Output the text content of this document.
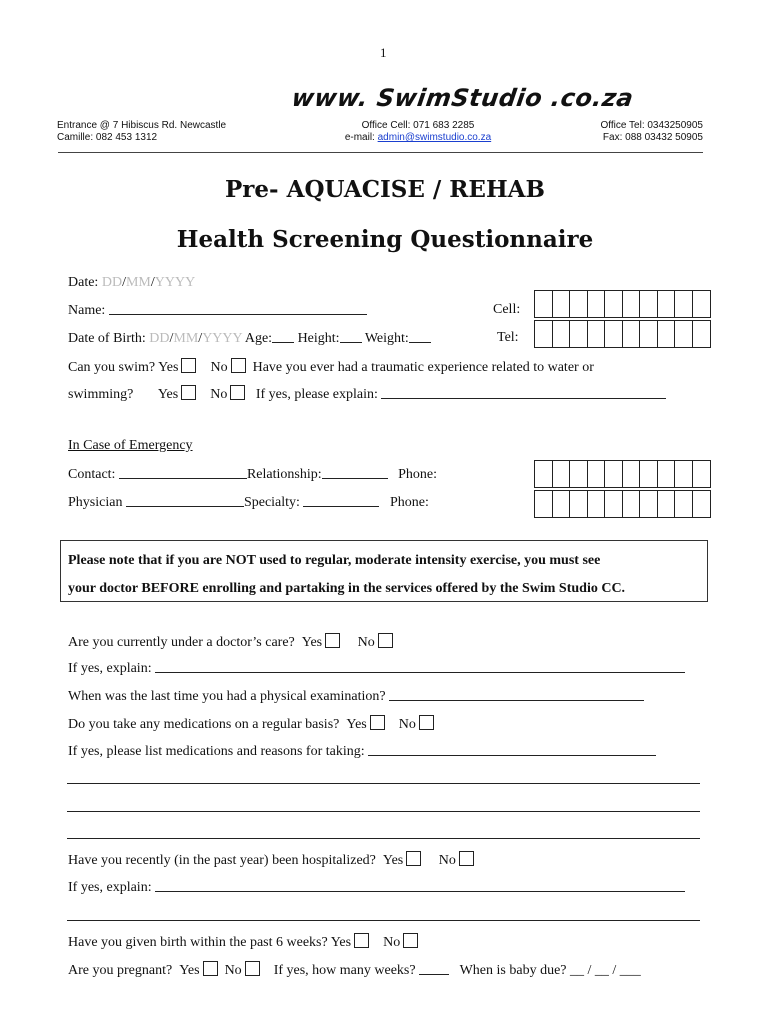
1
www. SwimStudio .co.za
Entrance @ 7 Hibiscus Rd. Newcastle
Camille: 082 453 1312
Office Cell: 071 683 2285
e-mail: admin@swimstudio.co.za
Office Tel: 0343250905
Fax: 088 03432 50905
Pre- AQUACISE / REHAB
Health Screening Questionnaire
Date: DD/MM/YYYY
Name:	Cell:
Date of Birth: DD/MM/YYYY Age: Height: Weight:	Tel:
Can you swim? Yes No Have you ever had a traumatic experience related to water or
swimming? Yes No If yes, please explain:
In Case of Emergency
Contact:	Relationship:	Phone:
Physician	Specialty:	Phone:
Please note that if you are NOT used to regular, moderate intensity exercise, you must see
your doctor BEFORE enrolling and partaking in the services offered by the Swim Studio CC.
Are you currently under a doctor’s care? Yes	No
If yes, explain:
When was the last time you had a physical examination?
Do you take any medications on a regular basis? Yes No
If yes, please list medications and reasons for taking:
Have you recently (in the past year) been hospitalized? Yes	No
If yes, explain:
Have you given birth within the past 6 weeks? Yes No
Are you pregnant? Yes No If yes, how many weeks?	When is baby due? __ / __ / ___
